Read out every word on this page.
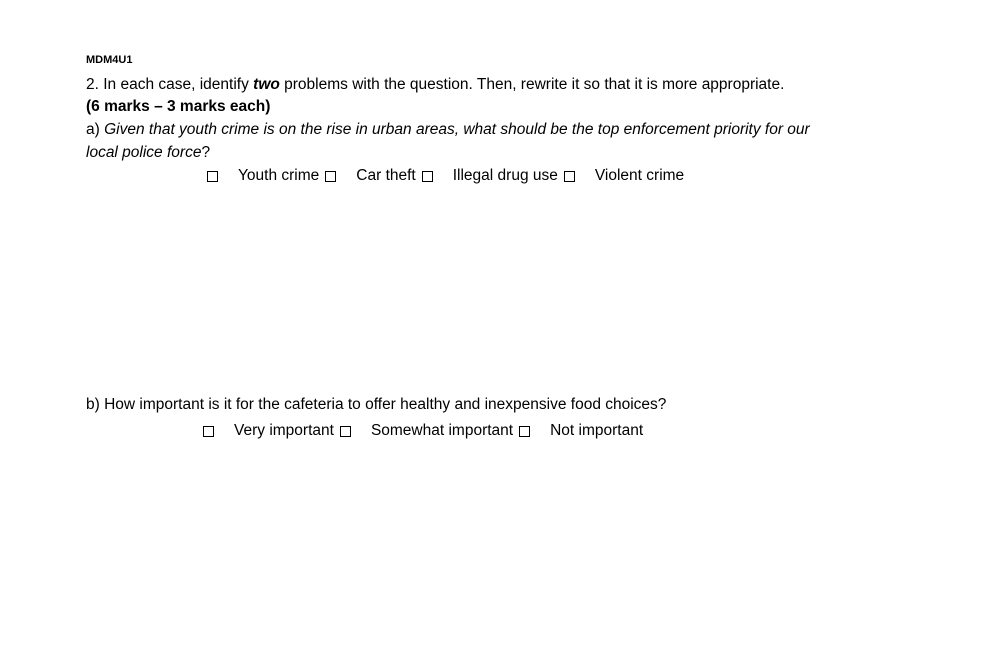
MDM4U1
2. In each case, identify two problems with the question. Then, rewrite it so that it is more appropriate.
(6 marks – 3 marks each)
a) Given that youth crime is on the rise in urban areas, what should be the top enforcement priority for our
local police force?
Youth crime Car theft Illegal drug use Violent crime
b) How important is it for the cafeteria to offer healthy and inexpensive food choices?
Very important Somewhat important Not important
